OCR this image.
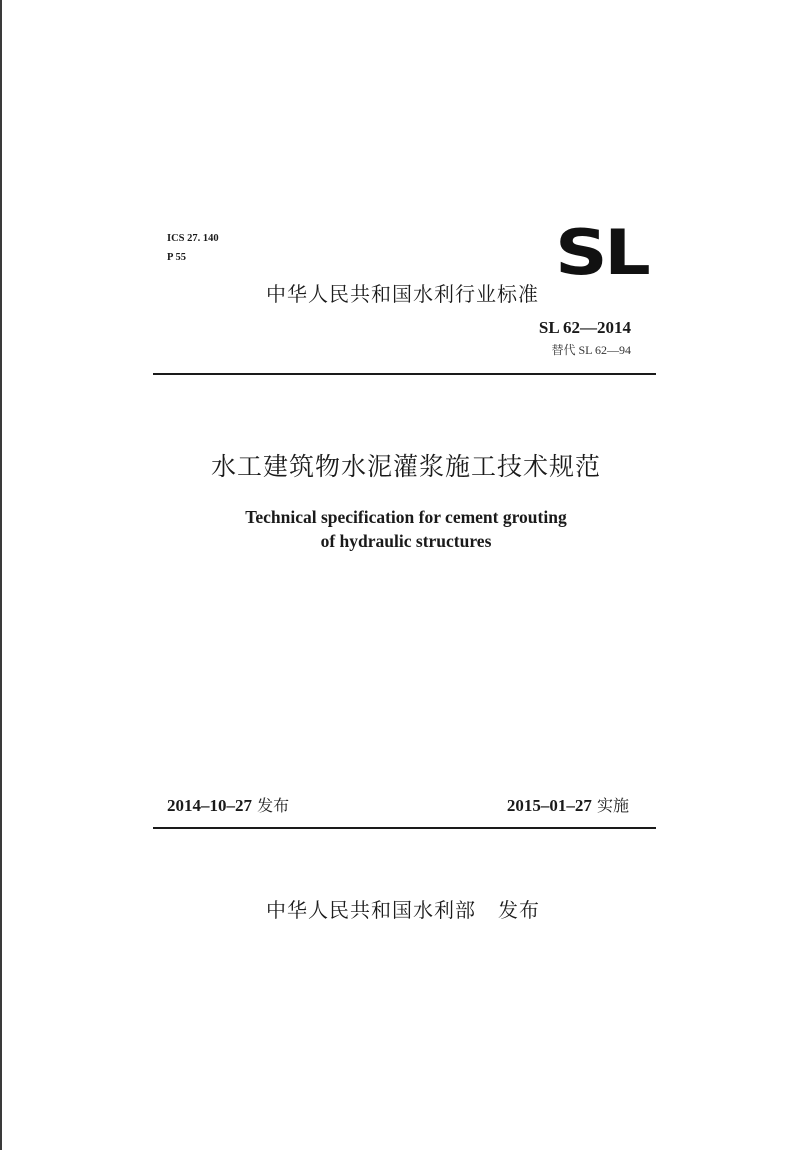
ICS 27. 140
P 55	SL
中华人民共和国水利行业标准
SL 62—2014
替代 SL 62—94
水工建筑物水泥灌浆施工技术规范
Technical specification for cement grouting
of hydraulic structures
2014–10–27 发布	2015–01–27 实施
中华人民共和国水利部 发布
